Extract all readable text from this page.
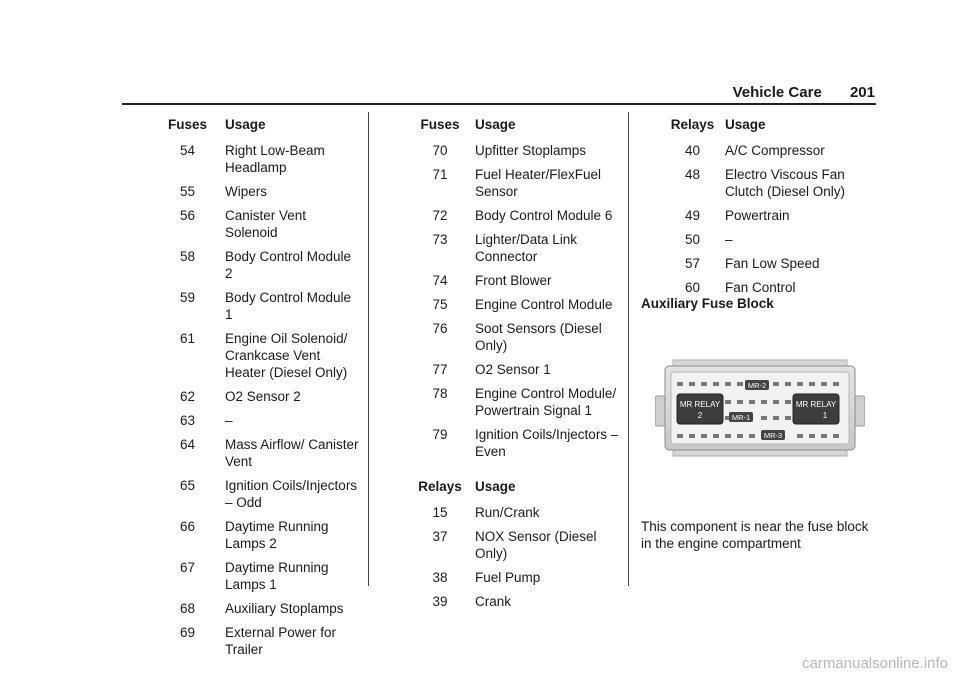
Vehicle Care 201
Fuses	Usage
54	Right Low-Beam Headlamp
55	Wipers
56	Canister Vent Solenoid
58	Body Control Module 2
59	Body Control Module 1
61	Engine Oil Solenoid/ Crankcase Vent Heater (Diesel Only)
62	O2 Sensor 2
63	–
64	Mass Airflow/ Canister Vent
65	Ignition Coils/Injectors – Odd
66	Daytime Running Lamps 2
67	Daytime Running Lamps 1
68	Auxiliary Stoplamps
69	External Power for Trailer
Fuses	Usage
70	Upfitter Stoplamps
71	Fuel Heater/FlexFuel Sensor
72	Body Control Module 6
73	Lighter/Data Link Connector
74	Front Blower
75	Engine Control Module
76	Soot Sensors (Diesel Only)
77	O2 Sensor 1
78	Engine Control Module/ Powertrain Signal 1
79	Ignition Coils/Injectors – Even
Relays	Usage
15	Run/Crank
37	NOX Sensor (Diesel Only)
38	Fuel Pump
39	Crank
Relays	Usage
40	A/C Compressor
48	Electro Viscous Fan Clutch (Diesel Only)
49	Powertrain
50	–
57	Fan Low Speed
60	Fan Control
Auxiliary Fuse Block
MR RELAY
2
MR RELAY
1
MR-2
MR-1
MR-3
This component is near the fuse block in the engine compartment
carmanualsonline.info
